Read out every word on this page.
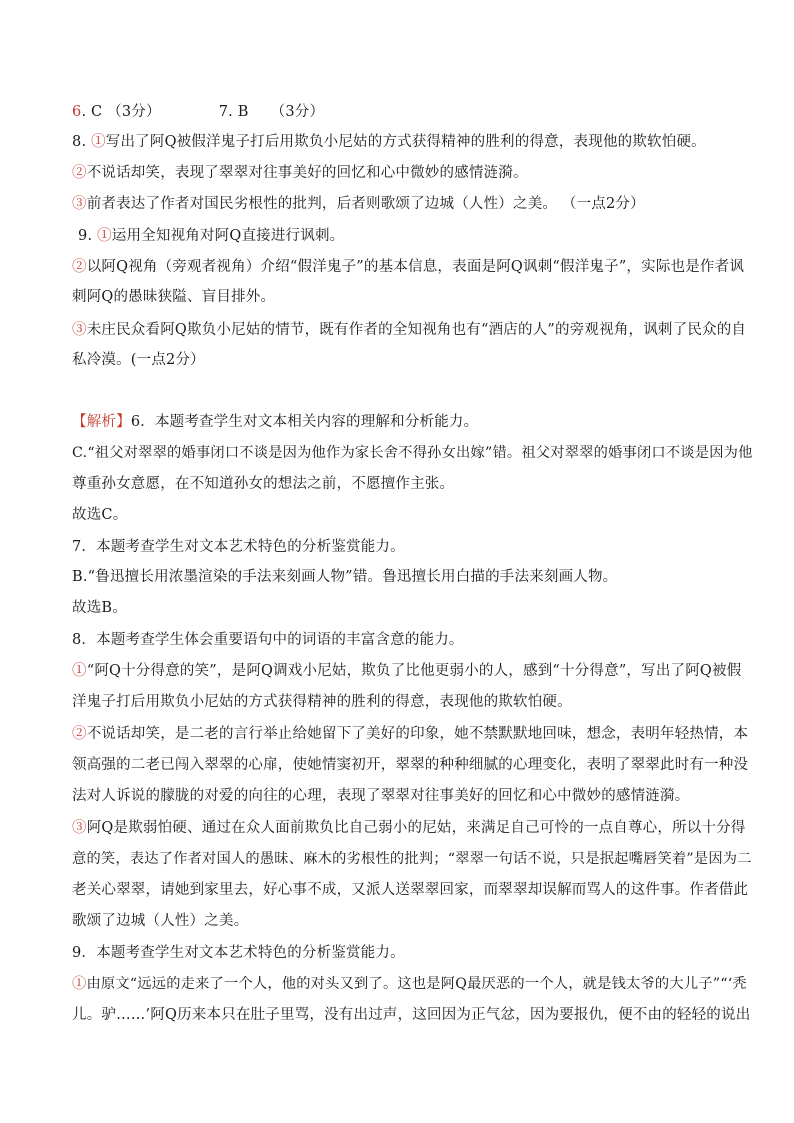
6. C （3分）	7. B （3分）
8. ①写出了阿Q被假洋鬼子打后用欺负小尼姑的方式获得精神的胜利的得意，表现他的欺软怕硬。
②不说话却笑，表现了翠翠对往事美好的回忆和心中微妙的感情涟漪。
③前者表达了作者对国民劣根性的批判，后者则歌颂了边城（人性）之美。 （一点2分）
9. ①运用全知视角对阿Q直接进行讽刺。
②以阿Q视角（旁观者视角）介绍“假洋鬼子”的基本信息，表面是阿Q讽刺“假洋鬼子”，实际也是作者讽
刺阿Q的愚昧狭隘、盲目排外。
③未庄民众看阿Q欺负小尼姑的情节，既有作者的全知视角也有“酒店的人”的旁观视角，讽刺了民众的自
私冷漠。(一点2分）
【解析】6．本题考查学生对文本相关内容的理解和分析能力。
C.“祖父对翠翠的婚事闭口不谈是因为他作为家长舍不得孙女出嫁”错。祖父对翠翠的婚事闭口不谈是因为他
尊重孙女意愿，在不知道孙女的想法之前，不愿擅作主张。
故选C。
7．本题考查学生对文本艺术特色的分析鉴赏能力。
B.“鲁迅擅长用浓墨渲染的手法来刻画人物”错。鲁迅擅长用白描的手法来刻画人物。
故选B。
8．本题考查学生体会重要语句中的词语的丰富含意的能力。
①“阿Q十分得意的笑”，是阿Q调戏小尼姑，欺负了比他更弱小的人，感到“十分得意”，写出了阿Q被假
洋鬼子打后用欺负小尼姑的方式获得精神的胜利的得意，表现他的欺软怕硬。
②不说话却笑，是二老的言行举止给她留下了美好的印象，她不禁默默地回味，想念，表明年轻热情，本
领高强的二老已闯入翠翠的心扉，使她情窦初开，翠翠的种种细腻的心理变化，表明了翠翠此时有一种没
法对人诉说的朦胧的对爱的向往的心理，表现了翠翠对往事美好的回忆和心中微妙的感情涟漪。
③阿Q是欺弱怕硬、通过在众人面前欺负比自己弱小的尼姑，来满足自己可怜的一点自尊心，所以十分得
意的笑，表达了作者对国人的愚昧、麻木的劣根性的批判；“翠翠一句话不说，只是抿起嘴唇笑着”是因为二
老关心翠翠，请她到家里去，好心事不成，又派人送翠翠回家，而翠翠却误解而骂人的这件事。作者借此
歌颂了边城（人性）之美。
9．本题考查学生对文本艺术特色的分析鉴赏能力。
①由原文“远远的走来了一个人，他的对头又到了。这也是阿Q最厌恶的一个人，就是钱太爷的大儿子”“‘秃
儿。驴……’阿Q历来本只在肚子里骂，没有出过声，这回因为正气忿，因为要报仇，便不由的轻轻的说出
